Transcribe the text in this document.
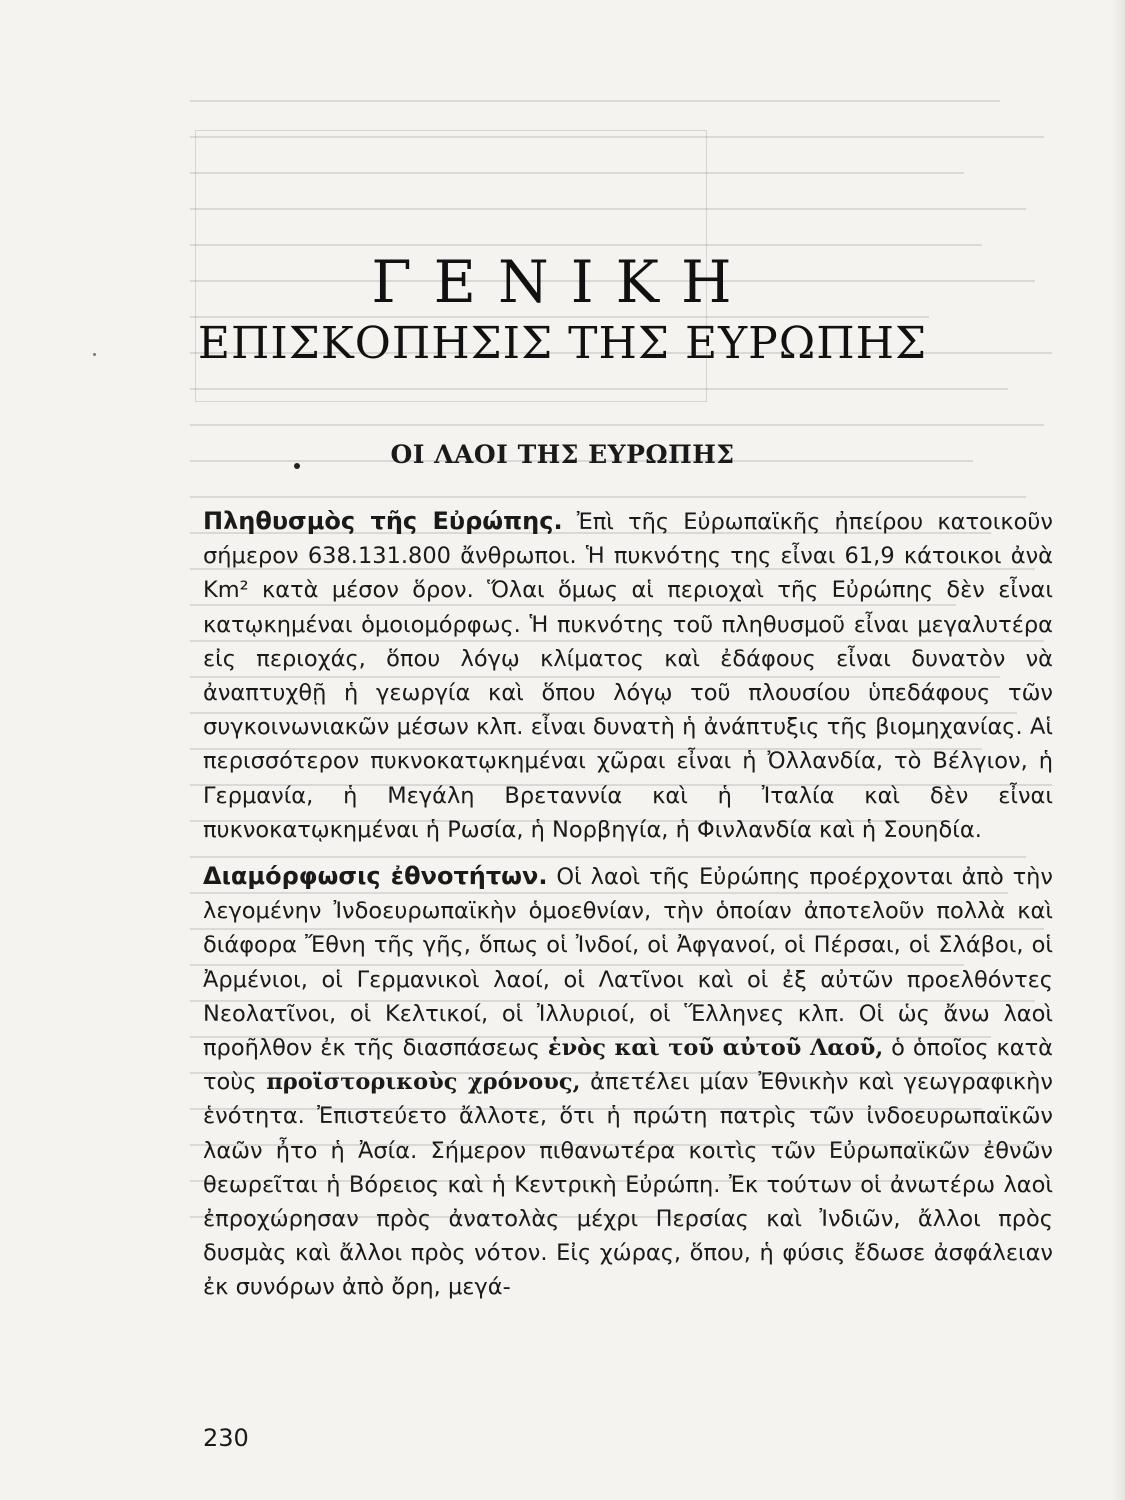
ΓΕΝΙΚΗ
ΕΠΙΣΚΟΠΗΣΙΣ ΤΗΣ ΕΥΡΩΠΗΣ
ΟΙ ΛΑΟΙ ΤΗΣ ΕΥΡΩΠΗΣ

Πληθυσμὸς τῆς Εὐρώπης. Ἐπὶ τῆς Εὐρωπαϊκῆς ἠπείρου κατοικοῦν σήμερον 638.131.800 ἄνθρωποι. Ἡ πυκνότης της εἶναι 61,9 κάτοικοι ἀνὰ Km² κατὰ μέσον ὅρον. Ὅλαι ὅμως αἱ περιοχαὶ τῆς Εὐρώπης δὲν εἶναι κατῳκημέναι ὁμοιομόρφως. Ἡ πυκνότης τοῦ πληθυσμοῦ εἶναι μεγαλυτέρα εἰς περιοχάς, ὅπου λόγῳ κλίματος καὶ ἐδάφους εἶναι δυνατὸν νὰ ἀναπτυχθῇ ἡ γεωργία καὶ ὅπου λόγῳ τοῦ πλουσίου ὑπεδάφους τῶν συγκοινωνιακῶν μέσων κλπ. εἶναι δυνατὴ ἡ ἀνάπτυξις τῆς βιομηχανίας. Αἱ περισσότερον πυκνοκατῳκημέναι χῶραι εἶναι ἡ Ὀλλανδία, τὸ Βέλγιον, ἡ Γερμανία, ἡ Μεγάλη Βρεταννία καὶ ἡ Ἰταλία καὶ δὲν εἶναι πυκνοκατῳκημέναι ἡ Ρωσία, ἡ Νορβηγία, ἡ Φινλανδία καὶ ἡ Σουηδία.

Διαμόρφωσις ἐθνοτήτων. Οἱ λαοὶ τῆς Εὐρώπης προέρχονται ἀπὸ τὴν λεγομένην Ἰνδοευρωπαϊκὴν ὁμοεθνίαν, τὴν ὁποίαν ἀποτελοῦν πολλὰ καὶ διάφορα Ἔθνη τῆς γῆς, ὅπως οἱ Ἰνδοί, οἱ Ἀφγανοί, οἱ Πέρσαι, οἱ Σλάβοι, οἱ Ἀρμένιοι, οἱ Γερμανικοὶ λαοί, οἱ Λατῖνοι καὶ οἱ ἐξ αὐτῶν προελθόντες Νεολατῖνοι, οἱ Κελτικοί, οἱ Ἰλλυριοί, οἱ Ἕλληνες κλπ. Οἱ ὡς ἄνω λαοὶ προῆλθον ἐκ τῆς διασπάσεως ἑνὸς καὶ τοῦ αὐτοῦ Λαοῦ, ὁ ὁποῖος κατὰ τοὺς προϊστορικοὺς χρόνους, ἀπετέλει μίαν Ἐθνικὴν καὶ γεωγραφικὴν ἑνότητα. Ἐπιστεύετο ἄλλοτε, ὅτι ἡ πρώτη πατρὶς τῶν ἰνδοευρωπαϊκῶν λαῶν ἦτο ἡ Ἀσία. Σήμερον πιθανωτέρα κοιτὶς τῶν Εὐρωπαϊκῶν ἐθνῶν θεωρεῖται ἡ Βόρειος καὶ ἡ Κεντρικὴ Εὐρώπη. Ἐκ τούτων οἱ ἀνωτέρω λαοὶ ἐπροχώρησαν πρὸς ἀνατολὰς μέχρι Περσίας καὶ Ἰνδιῶν, ἄλλοι πρὸς δυσμὰς καὶ ἄλλοι πρὸς νότον. Εἰς χώρας, ὅπου, ἡ φύσις ἔδωσε ἀσφάλειαν ἐκ συνόρων ἀπὸ ὄρη, μεγά-

230
